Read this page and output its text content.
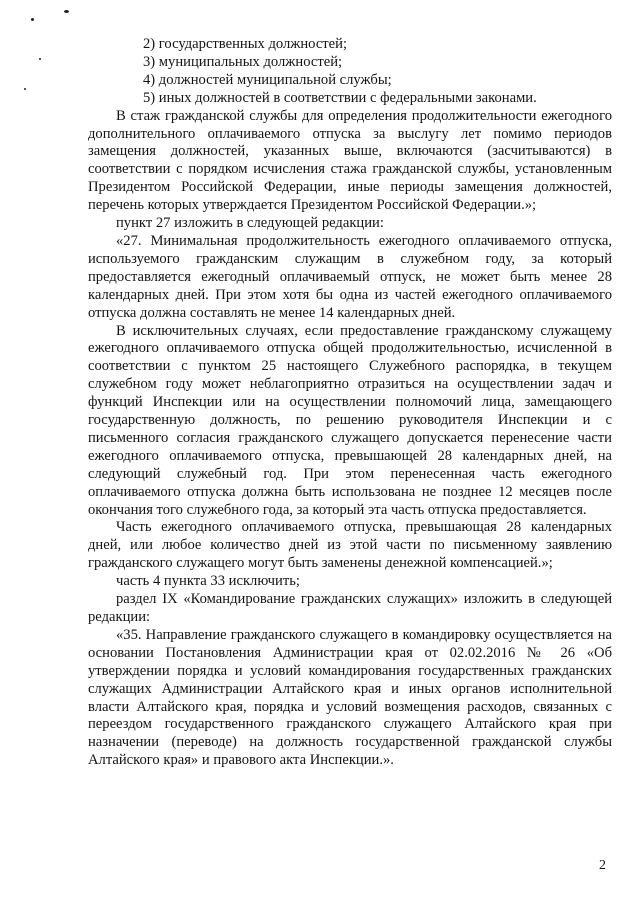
2) государственных должностей;

3) муниципальных должностей;

4) должностей муниципальной службы;

5) иных должностей в соответствии с федеральными законами.

В стаж гражданской службы для определения продолжительности ежегодного дополнительного оплачиваемого отпуска за выслугу лет помимо периодов замещения должностей, указанных выше, включаются (засчитываются) в соответствии с порядком исчисления стажа гражданской службы, установленным Президентом Российской Федерации, иные периоды замещения должностей, перечень которых утверждается Президентом Российской Федерации.»;

пункт 27 изложить в следующей редакции:

«27. Минимальная продолжительность ежегодного оплачиваемого отпуска, используемого гражданским служащим в служебном году, за который предоставляется ежегодный оплачиваемый отпуск, не может быть менее 28 календарных дней. При этом хотя бы одна из частей ежегодного оплачиваемого отпуска должна составлять не менее 14 календарных дней.

В исключительных случаях, если предоставление гражданскому служащему ежегодного оплачиваемого отпуска общей продолжительностью, исчисленной в соответствии с пунктом 25 настоящего Служебного распорядка, в текущем служебном году может неблагоприятно отразиться на осуществлении задач и функций Инспекции или на осуществлении полномочий лица, замещающего государственную должность, по решению руководителя Инспекции и с письменного согласия гражданского служащего допускается перенесение части ежегодного оплачиваемого отпуска, превышающей 28 календарных дней, на следующий служебный год. При этом перенесенная часть ежегодного оплачиваемого отпуска должна быть использована не позднее 12 месяцев после окончания того служебного года, за который эта часть отпуска предоставляется.

Часть ежегодного оплачиваемого отпуска, превышающая 28 календарных дней, или любое количество дней из этой части по письменному заявлению гражданского служащего могут быть заменены денежной компенсацией.»;

часть 4 пункта 33 исключить;

раздел IX «Командирование гражданских служащих» изложить в следующей редакции:

«35. Направление гражданского служащего в командировку осуществляется на основании Постановления Администрации края от 02.02.2016 № 26 «Об утверждении порядка и условий командирования государственных гражданских служащих Администрации Алтайского края и иных органов исполнительной власти Алтайского края, порядка и условий возмещения расходов, связанных с переездом государственного гражданского служащего Алтайского края при назначении (переводе) на должность государственной гражданской службы Алтайского края» и правового акта Инспекции.».

2
